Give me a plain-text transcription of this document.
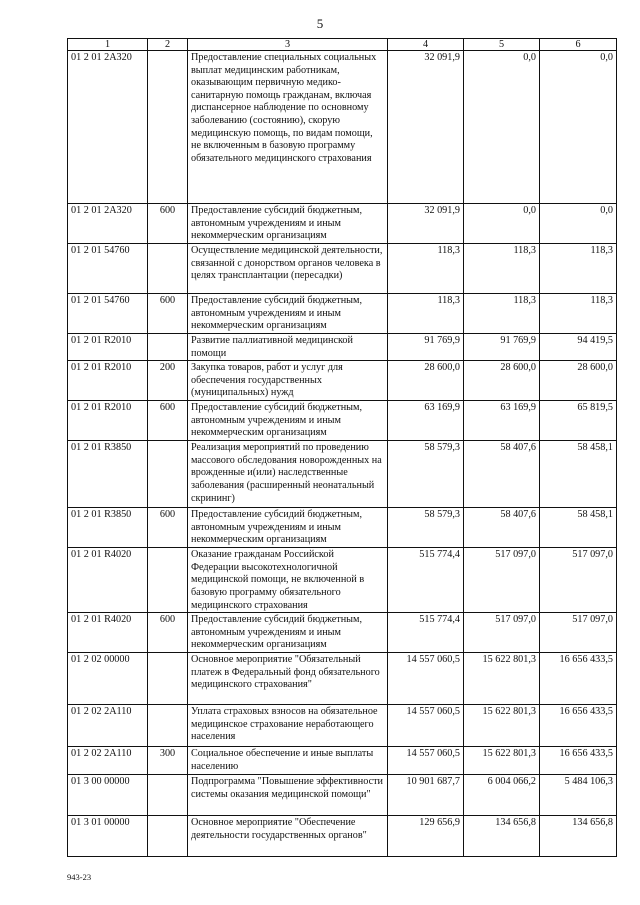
5
1	2	3	4	5	6
01 2 01 2А320		Предоставление специальных социальных выплат медицинским работникам, оказывающим первичную медико-санитарную помощь гражданам, включая диспансерное наблюдение по основному заболеванию (состоянию), скорую медицинскую помощь, по видам помощи, не включенным в базовую программу обязательного медицинского страхования	32 091,9	0,0	0,0
01 2 01 2А320	600	Предоставление субсидий бюджетным, автономным учреждениям и иным некоммерческим организациям	32 091,9	0,0	0,0
01 2 01 54760		Осуществление медицинской деятельности, связанной с донорством органов человека в целях трансплантации (пересадки)	118,3	118,3	118,3
01 2 01 54760	600	Предоставление субсидий бюджетным, автономным учреждениям и иным некоммерческим организациям	118,3	118,3	118,3
01 2 01 R2010		Развитие паллиативной медицинской помощи	91 769,9	91 769,9	94 419,5
01 2 01 R2010	200	Закупка товаров, работ и услуг для обеспечения государственных (муниципальных) нужд	28 600,0	28 600,0	28 600,0
01 2 01 R2010	600	Предоставление субсидий бюджетным, автономным учреждениям и иным некоммерческим организациям	63 169,9	63 169,9	65 819,5
01 2 01 R3850		Реализация мероприятий по проведению массового обследования новорожденных на врожденные и(или) наследственные заболевания (расширенный неонатальный скрининг)	58 579,3	58 407,6	58 458,1
01 2 01 R3850	600	Предоставление субсидий бюджетным, автономным учреждениям и иным некоммерческим организациям	58 579,3	58 407,6	58 458,1
01 2 01 R4020		Оказание гражданам Российской Федерации высокотехнологичной медицинской помощи, не включенной в базовую программу обязательного медицинского страхования	515 774,4	517 097,0	517 097,0
01 2 01 R4020	600	Предоставление субсидий бюджетным, автономным учреждениям и иным некоммерческим организациям	515 774,4	517 097,0	517 097,0
01 2 02 00000		Основное мероприятие "Обязательный платеж в Федеральный фонд обязательного медицинского страхования"	14 557 060,5	15 622 801,3	16 656 433,5
01 2 02 2А110		Уплата страховых взносов на обязательное медицинское страхование неработающего населения	14 557 060,5	15 622 801,3	16 656 433,5
01 2 02 2А110	300	Социальное обеспечение и иные выплаты населению	14 557 060,5	15 622 801,3	16 656 433,5
01 3 00 00000		Подпрограмма "Повышение эффективности системы оказания медицинской помощи"	10 901 687,7	6 004 066,2	5 484 106,3
01 3 01 00000		Основное мероприятие "Обеспечение деятельности государственных органов"	129 656,9	134 656,8	134 656,8
943-23
